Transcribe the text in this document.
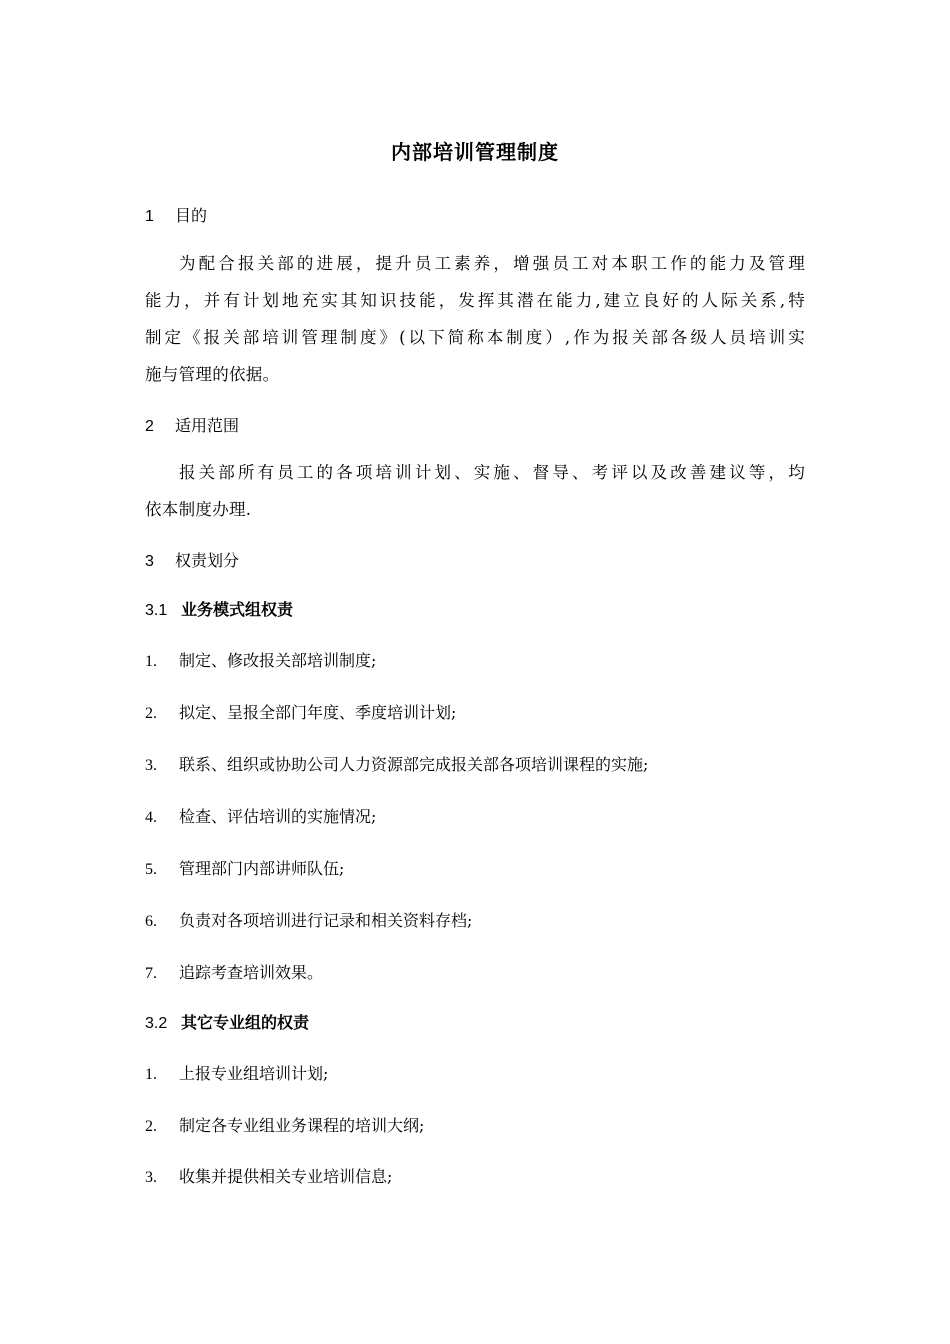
内部培训管理制度
1 目的
为配合报关部的进展，提升员工素养，增强员工对本职工作的能力及管理
能力，并有计划地充实其知识技能，发挥其潜在能力,建立良好的人际关系,特
制定《报关部培训管理制度》(以下简称本制度）,作为报关部各级人员培训实
施与管理的依据。
2 适用范围
报关部所有员工的各项培训计划、实施、督导、考评以及改善建议等，均
依本制度办理.
3 权责划分
3.1 业务模式组权责
1. 制定、修改报关部培训制度;
2. 拟定、呈报全部门年度、季度培训计划;
3. 联系、组织或协助公司人力资源部完成报关部各项培训课程的实施;
4. 检查、评估培训的实施情况;
5. 管理部门内部讲师队伍;
6. 负责对各项培训进行记录和相关资料存档;
7. 追踪考查培训效果。
3.2 其它专业组的权责
1. 上报专业组培训计划;
2. 制定各专业组业务课程的培训大纲;
3. 收集并提供相关专业培训信息;
